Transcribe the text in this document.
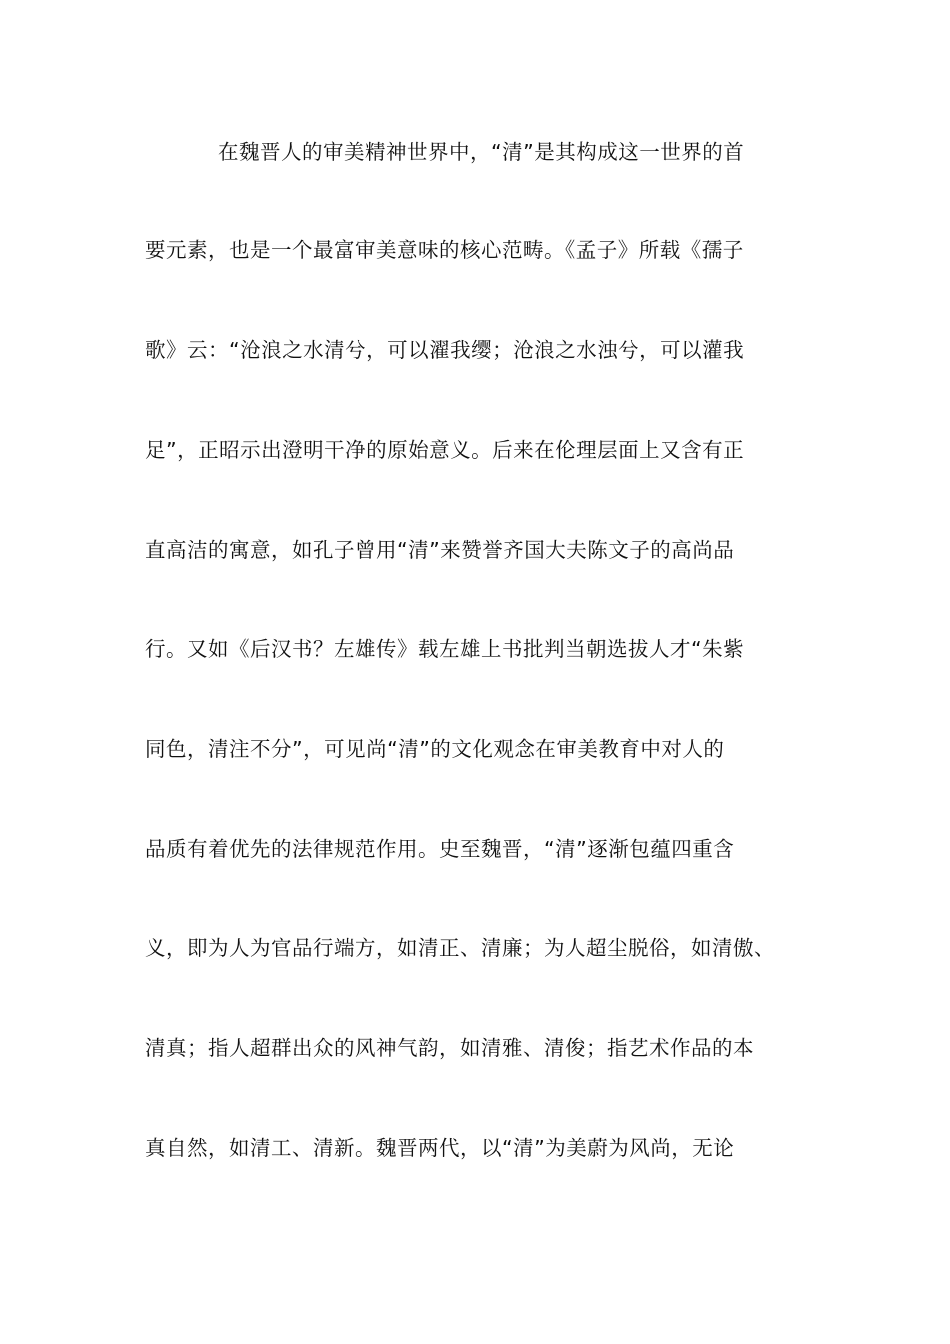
在魏晋人的审美精神世界中，“清”是其构成这一世界的首
要元素，也是一个最富审美意味的核心范畴。《孟子》所载《孺子
歌》云：“沧浪之水清兮，可以濯我缨；沧浪之水浊兮，可以灌我
足”，正昭示出澄明干净的原始意义。后来在伦理层面上又含有正
直高洁的寓意，如孔子曾用“清”来赞誉齐国大夫陈文子的高尚品
行。又如《后汉书？左雄传》载左雄上书批判当朝选拔人才“朱紫
同色，清注不分”，可见尚“清”的文化观念在审美教育中对人的
品质有着优先的法律规范作用。史至魏晋，“清”逐渐包蕴四重含
义，即为人为官品行端方，如清正、清廉；为人超尘脱俗，如清傲、
清真；指人超群出众的风神气韵，如清雅、清俊；指艺术作品的本
真自然，如清工、清新。魏晋两代，以“清”为美蔚为风尚，无论
